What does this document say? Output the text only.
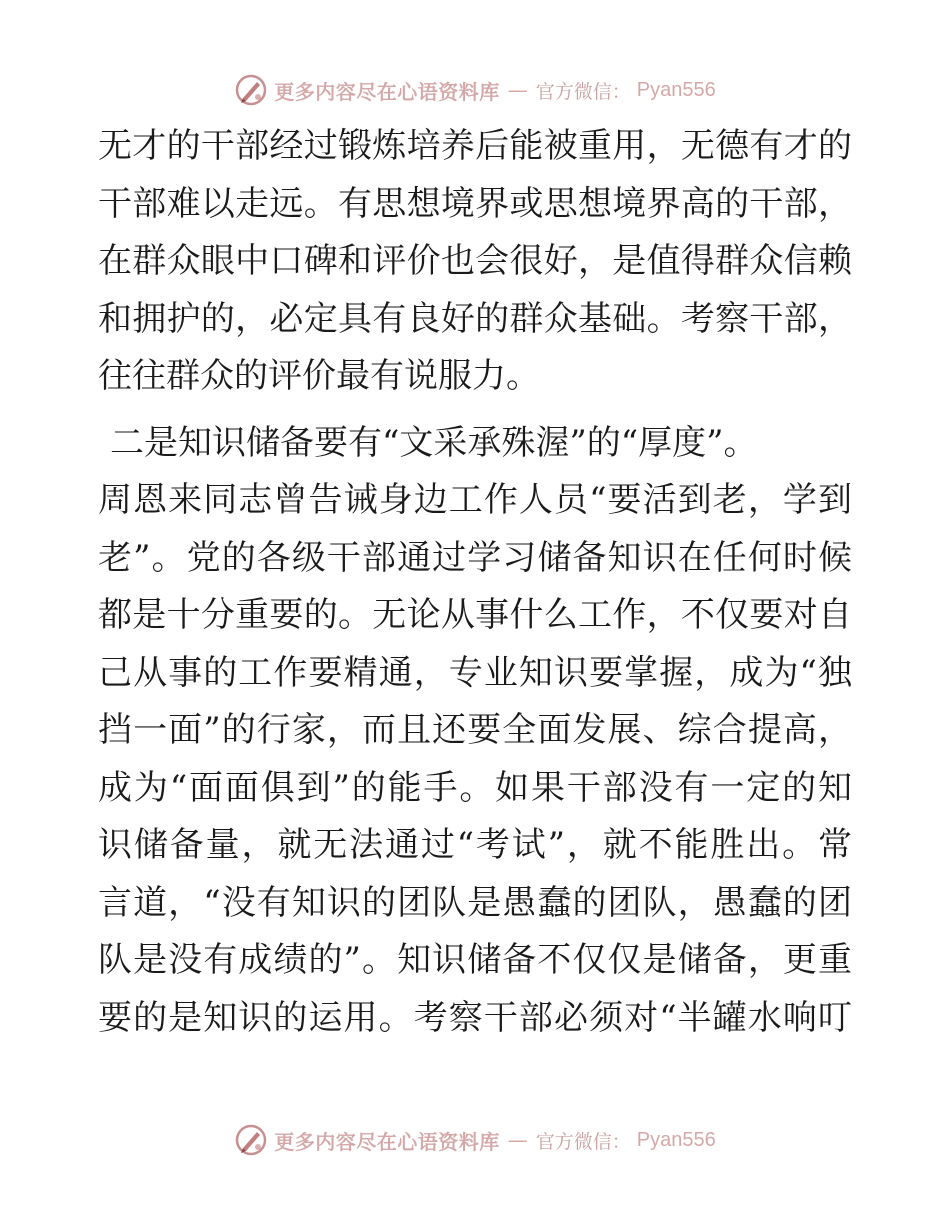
更多内容尽在心语资料库 — 官方微信： Pyan556
无才的干部经过锻炼培养后能被重用，无德有才的
干部难以走远。有思想境界或思想境界高的干部，
在群众眼中口碑和评价也会很好，是值得群众信赖
和拥护的，必定具有良好的群众基础。考察干部，
往往群众的评价最有说服力。
二是知识储备要有“文采承殊渥”的“厚度”。
周恩来同志曾告诫身边工作人员“要活到老，学到
老”。党的各级干部通过学习储备知识在任何时候
都是十分重要的。无论从事什么工作，不仅要对自
己从事的工作要精通，专业知识要掌握，成为“独
挡一面”的行家，而且还要全面发展、综合提高，
成为“面面俱到”的能手。如果干部没有一定的知
识储备量，就无法通过“考试”，就不能胜出。常
言道，“没有知识的团队是愚蠢的团队，愚蠢的团
队是没有成绩的”。知识储备不仅仅是储备，更重
要的是知识的运用。考察干部必须对“半罐水响叮
更多内容尽在心语资料库 — 官方微信： Pyan556
